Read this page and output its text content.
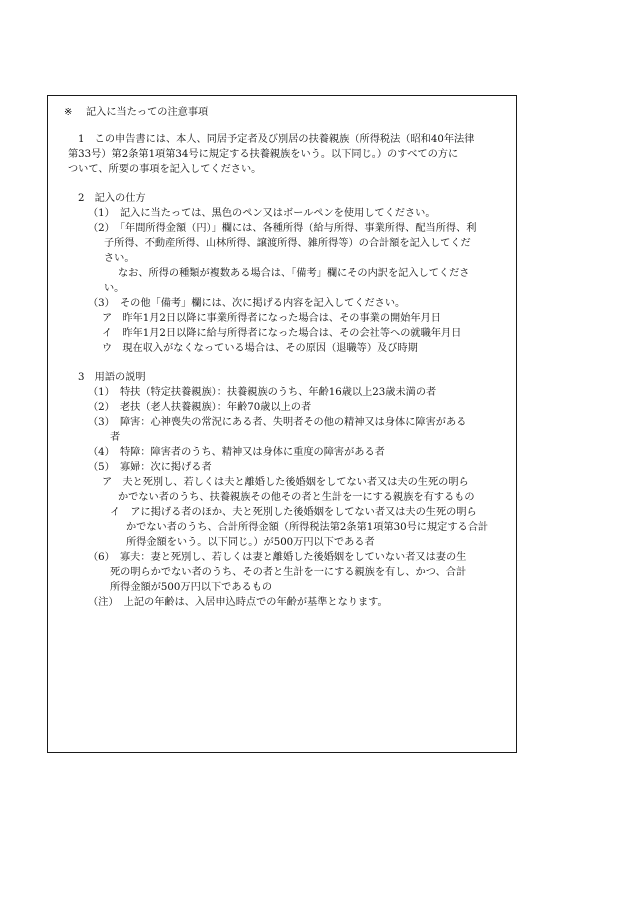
※ 記入に当たっての注意事項
1　この申告書には、本人、同居予定者及び別居の扶養親族（所得税法（昭和40年法律
第33号）第2条第1項第34号に規定する扶養親族をいう。以下同じ。）のすべての方に
ついて、所要の事項を記入してください。
2　記入の仕方
（1）　記入に当たっては、黒色のペン又はボールペンを使用してください。
（2）　「年間所得金額（円）」欄には、各種所得（給与所得、事業所得、配当所得、利
子所得、不動産所得、山林所得、譲渡所得、雑所得等）の合計額を記入してくだ
さい。
なお、所得の種類が複数ある場合は、「備考」欄にその内訳を記入してくださ
い。
（3）　その他「備考」欄には、次に掲げる内容を記入してください。
ア　昨年1月2日以降に事業所得者になった場合は、その事業の開始年月日
イ　昨年1月2日以降に給与所得者になった場合は、その会社等への就職年月日
ウ　現在収入がなくなっている場合は、その原因（退職等）及び時期
3　用語の説明
（1）　特扶（特定扶養親族）：扶養親族のうち、年齢16歳以上23歳未満の者
（2）　老扶（老人扶養親族）：年齢70歳以上の者
（3）　障害：心神喪失の常況にある者、失明者その他の精神又は身体に障害がある
者
（4）　特障：障害者のうち、精神又は身体に重度の障害がある者
（5）　寡婦：次に掲げる者
ア　夫と死別し、若しくは夫と離婚した後婚姻をしてない者又は夫の生死の明ら
かでない者のうち、扶養親族その他その者と生計を一にする親族を有するもの
イ　アに掲げる者のほか、夫と死別した後婚姻をしてない者又は夫の生死の明ら
かでない者のうち、合計所得金額（所得税法第2条第1項第30号に規定する合計
所得金額をいう。以下同じ。）が500万円以下である者
（6）　寡夫：妻と死別し、若しくは妻と離婚した後婚姻をしていない者又は妻の生
死の明らかでない者のうち、その者と生計を一にする親族を有し、かつ、合計
所得金額が500万円以下であるもの
（注）　上記の年齢は、入居申込時点での年齢が基準となります。
